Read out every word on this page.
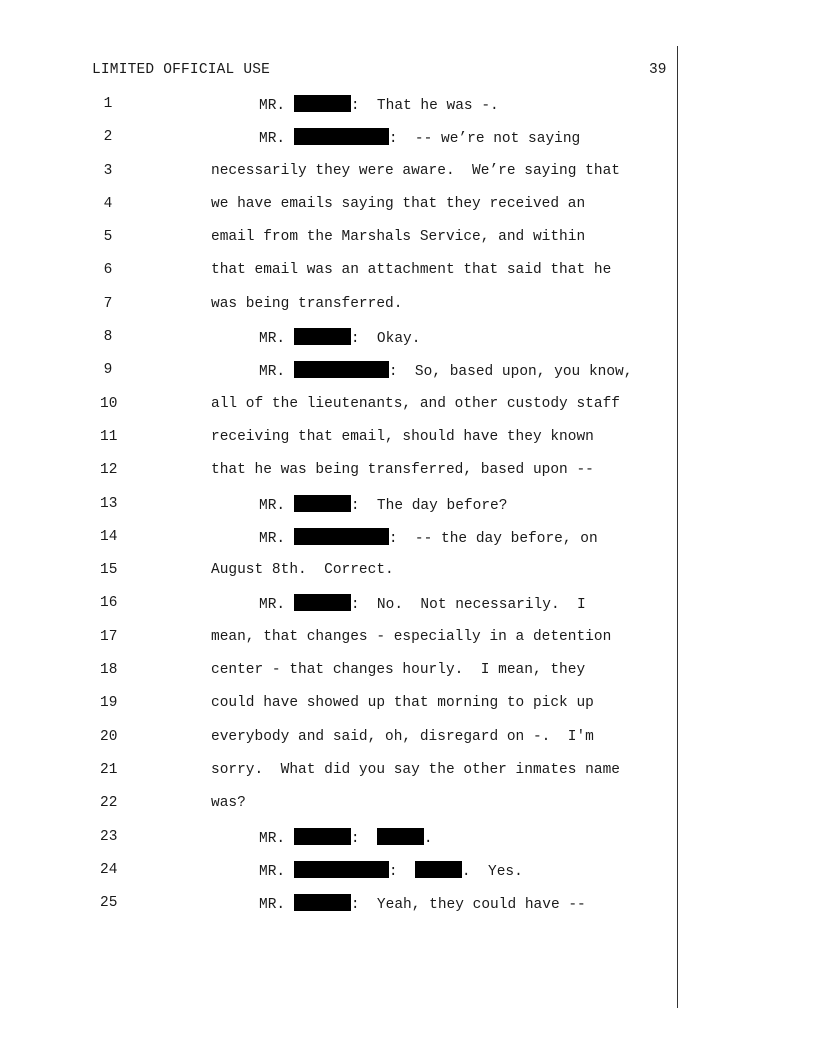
LIMITED OFFICIAL USE	39
1	MR.	:  That he was -.
2	MR.	:  -- we’re not saying
3	necessarily they were aware.  We’re saying that
4	we have emails saying that they received an
5	email from the Marshals Service, and within
6	that email was an attachment that said that he
7	was being transferred.
8	MR.	:  Okay.
9	MR.	:  So, based upon, you know,
10	all of the lieutenants, and other custody staff
11	receiving that email, should have they known
12	that he was being transferred, based upon --
13	MR.	:  The day before?
14	MR.	:  -- the day before, on
15	August 8th.  Correct.
16	MR.	:  No.  Not necessarily.  I
17	mean, that changes - especially in a detention
18	center - that changes hourly.  I mean, they
19	could have showed up that morning to pick up
20	everybody and said, oh, disregard on -.  I'm
21	sorry.  What did you say the other inmates name
22	was?
23	MR.	:	.
24	MR.	:	.  Yes.
25	MR.	:  Yeah, they could have --
